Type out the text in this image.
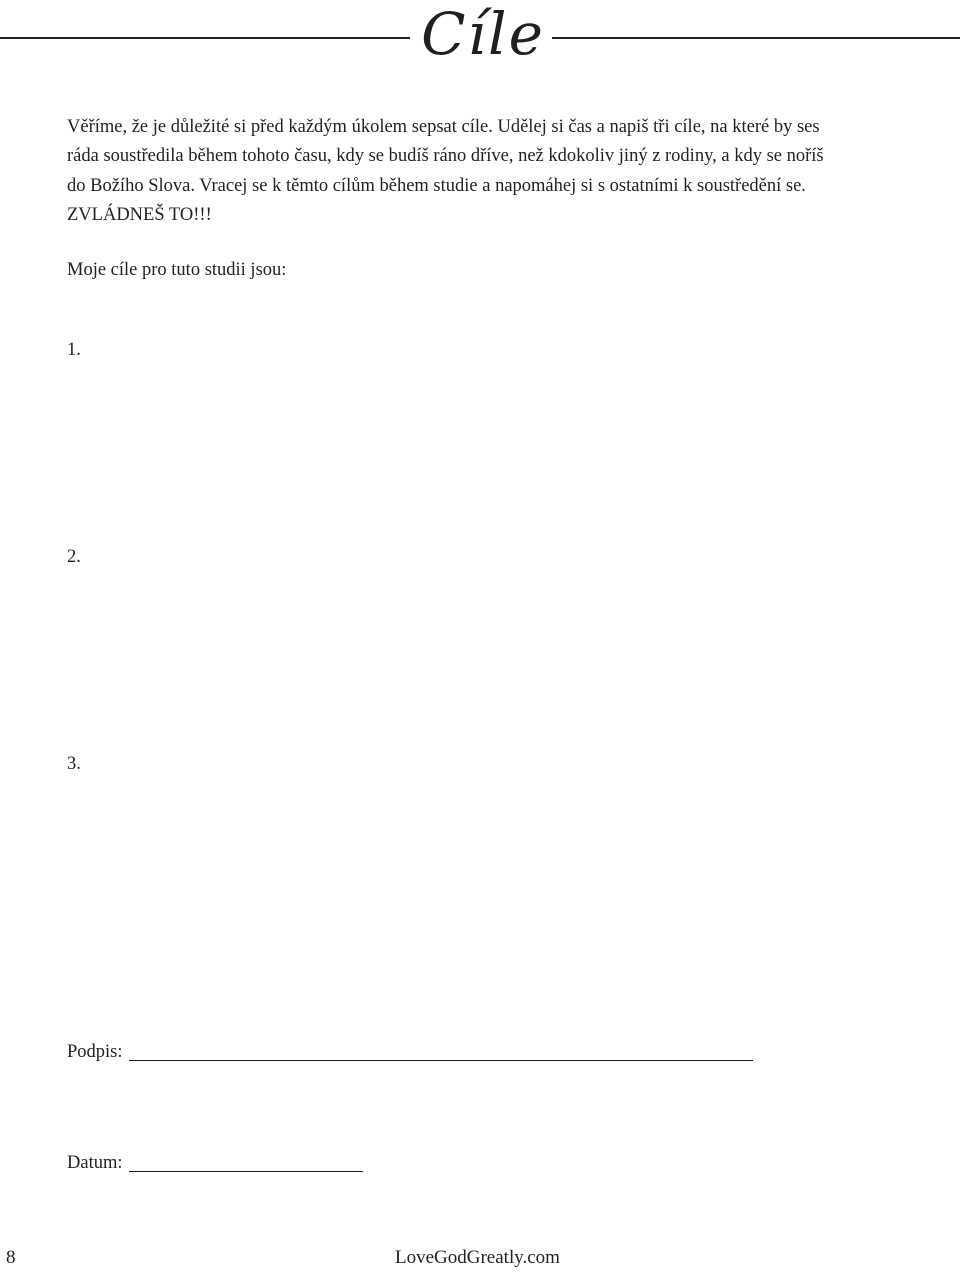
Cíle

Věříme, že je důležité si před každým úkolem sepsat cíle. Udělej si čas a napiš tři cíle, na které by ses
ráda soustředila během tohoto času, kdy se budíš ráno dříve, než kdokoliv jiný z rodiny, a kdy se noříš
do Božího Slova. Vracej se k těmto cílům během studie a napomáhej si s ostatními k soustředění se.
ZVLÁDNEŠ TO!!!

Moje cíle pro tuto studii jsou:

1.
2.
3.
Podpis:
Datum:
8	LoveGodGreatly.com
